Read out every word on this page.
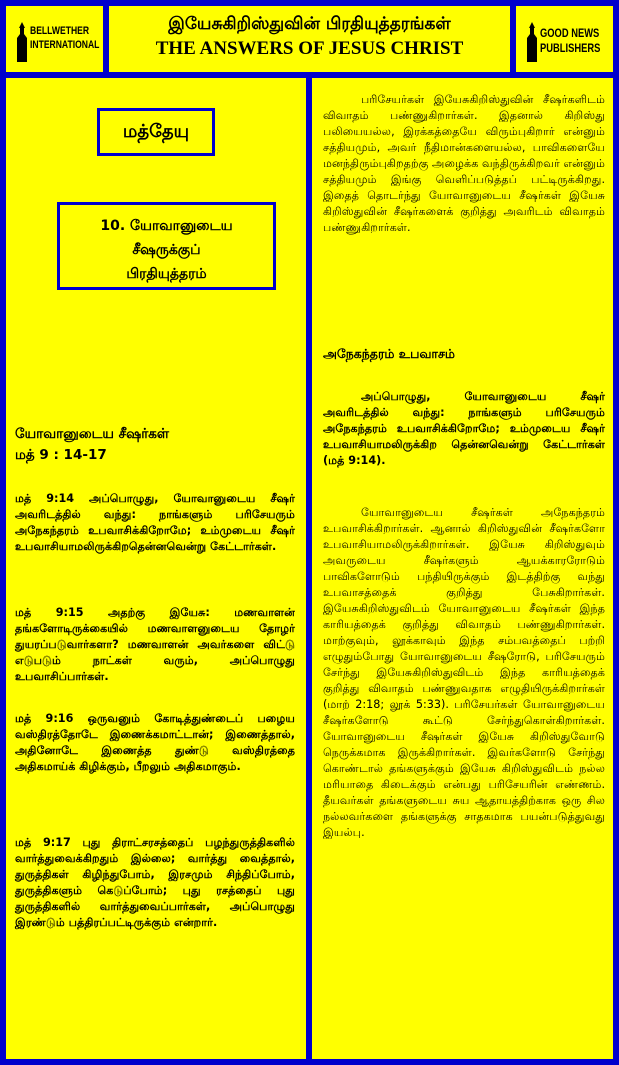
BELLWETHER
INTERNATIONAL
இயேசுகிறிஸ்துவின் பிரதியுத்தரங்கள்
THE ANSWERS OF JESUS CHRIST
GOOD NEWS
PUBLISHERS
மத்தேயு
10. யோவானுடைய
சீஷருக்குப்
பிரதியுத்தரம்
யோவானுடைய சீஷர்கள்
மத் 9 : 14-17
மத் 9:14 அப்பொழுது, யோவானுடைய சீஷர் அவரிடத்தில் வந்து: நாங்களும் பரிசேயரும் அநேகந்தரம் உபவாசிக்கிறோமே; உம்முடைய சீஷர் உபவாசியாமலிருக்கிறதென்னவென்று கேட்டார்கள்.
மத் 9:15 அதற்கு இயேசு: மணவாளன் தங்களோடிருக்கையில் மணவாளனுடைய தோழர் துயரப்படுவார்களா? மணவாளன் அவர்களை விட்டு எடுபடும் நாட்கள் வரும், அப்பொழுது உபவாசிப்பார்கள்.
மத் 9:16 ஒருவனும் கோடித்துண்டைப் பழைய வஸ்திரத்தோடே இணைக்கமாட்டான்; இணைத்தால், அதினோடே இணைத்த துண்டு வஸ்திரத்தை அதிகமாய்க் கிழிக்கும், பீறலும் அதிகமாகும்.
மத் 9:17 புது திராட்சரசத்தைப் பழந்துருத்திகளில் வார்த்துவைக்கிறதும் இல்லை; வார்த்து வைத்தால், துருத்திகள் கிழிந்துபோம், இரசமும் சிந்திப்போம், துருத்திகளும் கெடுப்போம்; புது ரசத்தைப் புது துருத்திகளில் வார்த்துவைப்பார்கள், அப்பொழுது இரண்டும் பத்திரப்பட்டிருக்கும் என்றார்.
பரிசேயர்கள் இயேசுகிறிஸ்துவின் சீஷர்களிடம் விவாதம் பண்ணுகிறார்கள். இதனால் கிறிஸ்து பலியையல்ல, இரக்கத்தையே விரும்புகிறார் என்னும் சத்தியமும், அவர் நீதிமான்களையல்ல, பாவிகளையே மனந்திரும்புகிறதற்கு அழைக்க வந்திருக்கிறவர் என்னும் சத்தியமும் இங்கு வெளிப்படுத்தப் பட்டிருக்கிறது. இதைத் தொடர்ந்து யோவானுடைய சீஷர்கள் இயேசு கிறிஸ்துவின் சீஷர்களைக் குறித்து அவரிடம் விவாதம் பண்ணுகிறார்கள்.
அநேகந்தரம் உபவாசம்
அப்பொழுது, யோவானுடைய சீஷர் அவரிடத்தில் வந்து: நாங்களும் பரிசேயரும் அநேகந்தரம் உபவாசிக்கிறோமே; உம்முடைய சீஷர் உபவாசியாமலிருக்கிற தென்னவென்று கேட்டார்கள் (மத் 9:14).
யோவானுடைய சீஷர்கள் அநேகந்தரம் உபவாசிக்கிறார்கள். ஆனால் கிறிஸ்துவின் சீஷர்களோ உபவாசியாமலிருக்கிறார்கள். இயேசு கிறிஸ்துவும் அவருடைய சீஷர்களும் ஆயக்காரரோடும் பாவிகளோடும் பந்தியிருக்கும் இடத்திற்கு வந்து உபவாசத்தைக் குறித்து பேசுகிறார்கள். இயேசுகிறிஸ்துவிடம் யோவானுடைய சீஷர்கள் இந்த காரியத்தைக் குறித்து விவாதம் பண்ணுகிறார்கள். மாற்குவும், லூக்காவும் இந்த சம்பவத்தைப் பற்றி எழுதும்போது யோவானுடைய சீஷரோடு, பரிசேயரும் சேர்ந்து இயேசுகிறிஸ்துவிடம் இந்த காரியத்தைக் குறித்து விவாதம் பண்ணுவதாக எழுதியிருக்கிறார்கள் (மாற் 2:18; லூக் 5:33). பரிசேயர்கள் யோவானுடைய சீஷர்களோடு கூட்டு சேர்ந்துகொள்கிறார்கள். யோவானுடைய சீஷர்கள் இயேசு கிறிஸ்துவோடு நெருக்கமாக இருக்கிறார்கள். இவர்களோடு சேர்ந்து கொண்டால் தங்களுக்கும் இயேசு கிறிஸ்துவிடம் நல்ல மரியாதை கிடைக்கும் என்பது பரிசேயரின் எண்ணம். தீயவர்கள் தங்களுடைய சுய ஆதாயத்திற்காக ஒரு சில நல்லவர்களை தங்களுக்கு சாதகமாக பயன்படுத்துவது இயல்பு.
